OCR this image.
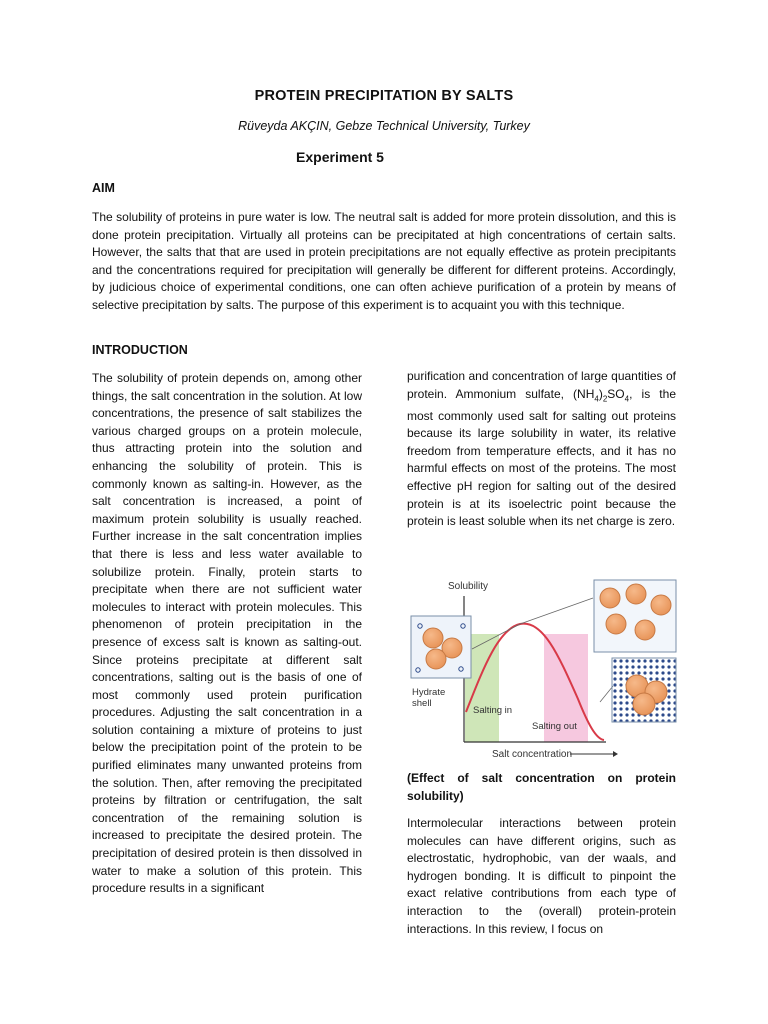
PROTEIN PRECIPITATION BY SALTS
Rüveyda AKÇIN, Gebze Technical University, Turkey
Experiment 5
AIM
The solubility of proteins in pure water is low. The neutral salt is added for more protein dissolution, and this is done protein precipitation. Virtually all proteins can be precipitated at high concentrations of certain salts. However, the salts that that are used in protein precipitations are not equally effective as protein precipitants and the concentrations required for precipitation will generally be different for different proteins. Accordingly, by judicious choice of experimental conditions, one can often achieve purification of a protein by means of selective precipitation by salts. The purpose of this experiment is to acquaint you with this technique.
INTRODUCTION
The solubility of protein depends on, among other things, the salt concentration in the solution. At low concentrations, the presence of salt stabilizes the various charged groups on a protein molecule, thus attracting protein into the solution and enhancing the solubility of protein. This is commonly known as salting-in. However, as the salt concentration is increased, a point of maximum protein solubility is usually reached. Further increase in the salt concentration implies that there is less and less water available to solubilize protein. Finally, protein starts to precipitate when there are not sufficient water molecules to interact with protein molecules. This phenomenon of protein precipitation in the presence of excess salt is known as salting-out. Since proteins precipitate at different salt concentrations, salting out is the basis of one of most commonly used protein purification procedures. Adjusting the salt concentration in a solution containing a mixture of proteins to just below the precipitation point of the protein to be purified eliminates many unwanted proteins from the solution. Then, after removing the precipitated proteins by filtration or centrifugation, the salt concentration of the remaining solution is increased to precipitate the desired protein. The precipitation of desired protein is then dissolved in water to make a solution of this protein. This procedure results in a significant
purification and concentration of large quantities of protein. Ammonium sulfate, $(NH_4)_2SO_4$, is the most commonly used salt for salting out proteins because its large solubility in water, its relative freedom from temperature effects, and it has no harmful effects on most of the proteins. The most effective pH region for salting out of the desired protein is at its isoelectric point because the protein is least soluble when its net charge is zero.
Solubility
Salt concentration
Hydrate
shell
Salting in
Salting out
(Effect of salt concentration on protein solubility)
Intermolecular interactions between protein molecules can have different origins, such as electrostatic, hydrophobic, van der waals, and hydrogen bonding. It is difficult to pinpoint the exact relative contributions from each type of interaction to the (overall) protein-protein interactions. In this review, I focus on
